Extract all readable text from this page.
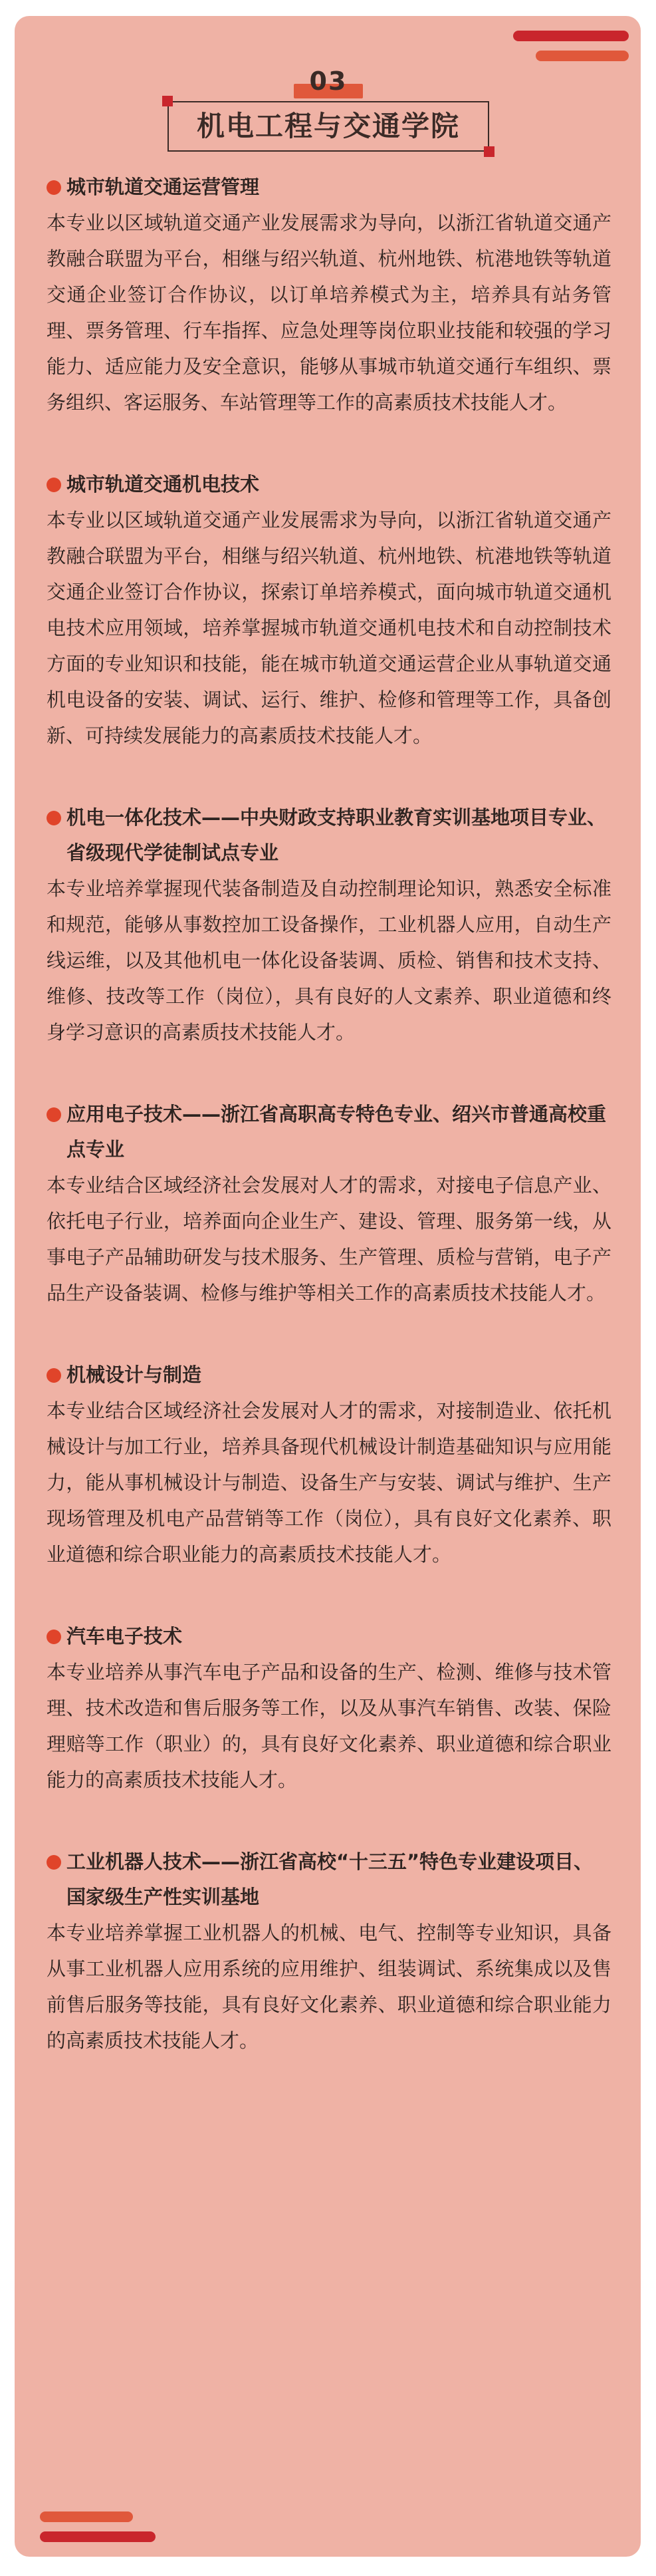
03
机电工程与交通学院

城市轨道交通运营管理

本专业以区域轨道交通产业发展需求为导向，以浙江省轨道交通产教融合联盟为平台，相继与绍兴轨道、杭州地铁、杭港地铁等轨道交通企业签订合作协议，以订单培养模式为主，培养具有站务管理、票务管理、行车指挥、应急处理等岗位职业技能和较强的学习能力、适应能力及安全意识，能够从事城市轨道交通行车组织、票务组织、客运服务、车站管理等工作的高素质技术技能人才。

城市轨道交通机电技术

本专业以区域轨道交通产业发展需求为导向，以浙江省轨道交通产教融合联盟为平台，相继与绍兴轨道、杭州地铁、杭港地铁等轨道交通企业签订合作协议，探索订单培养模式，面向城市轨道交通机电技术应用领域，培养掌握城市轨道交通机电技术和自动控制技术方面的专业知识和技能，能在城市轨道交通运营企业从事轨道交通机电设备的安装、调试、运行、维护、检修和管理等工作，具备创新、可持续发展能力的高素质技术技能人才。

机电一体化技术——中央财政支持职业教育实训基地项目专业、省级现代学徒制试点专业

本专业培养掌握现代装备制造及自动控制理论知识，熟悉安全标准和规范，能够从事数控加工设备操作，工业机器人应用，自动生产线运维，以及其他机电一体化设备装调、质检、销售和技术支持、维修、技改等工作（岗位），具有良好的人文素养、职业道德和终身学习意识的高素质技术技能人才。

应用电子技术——浙江省高职高专特色专业、绍兴市普通高校重点专业

本专业结合区域经济社会发展对人才的需求，对接电子信息产业、依托电子行业，培养面向企业生产、建设、管理、服务第一线，从事电子产品辅助研发与技术服务、生产管理、质检与营销，电子产品生产设备装调、检修与维护等相关工作的高素质技术技能人才。

机械设计与制造

本专业结合区域经济社会发展对人才的需求，对接制造业、依托机械设计与加工行业，培养具备现代机械设计制造基础知识与应用能力，能从事机械设计与制造、设备生产与安装、调试与维护、生产现场管理及机电产品营销等工作（岗位），具有良好文化素养、职业道德和综合职业能力的高素质技术技能人才。

汽车电子技术

本专业培养从事汽车电子产品和设备的生产、检测、维修与技术管理、技术改造和售后服务等工作，以及从事汽车销售、改装、保险理赔等工作（职业）的，具有良好文化素养、职业道德和综合职业能力的高素质技术技能人才。

工业机器人技术——浙江省高校“十三五”特色专业建设项目、国家级生产性实训基地

本专业培养掌握工业机器人的机械、电气、控制等专业知识，具备从事工业机器人应用系统的应用维护、组装调试、系统集成以及售前售后服务等技能，具有良好文化素养、职业道德和综合职业能力的高素质技术技能人才。
